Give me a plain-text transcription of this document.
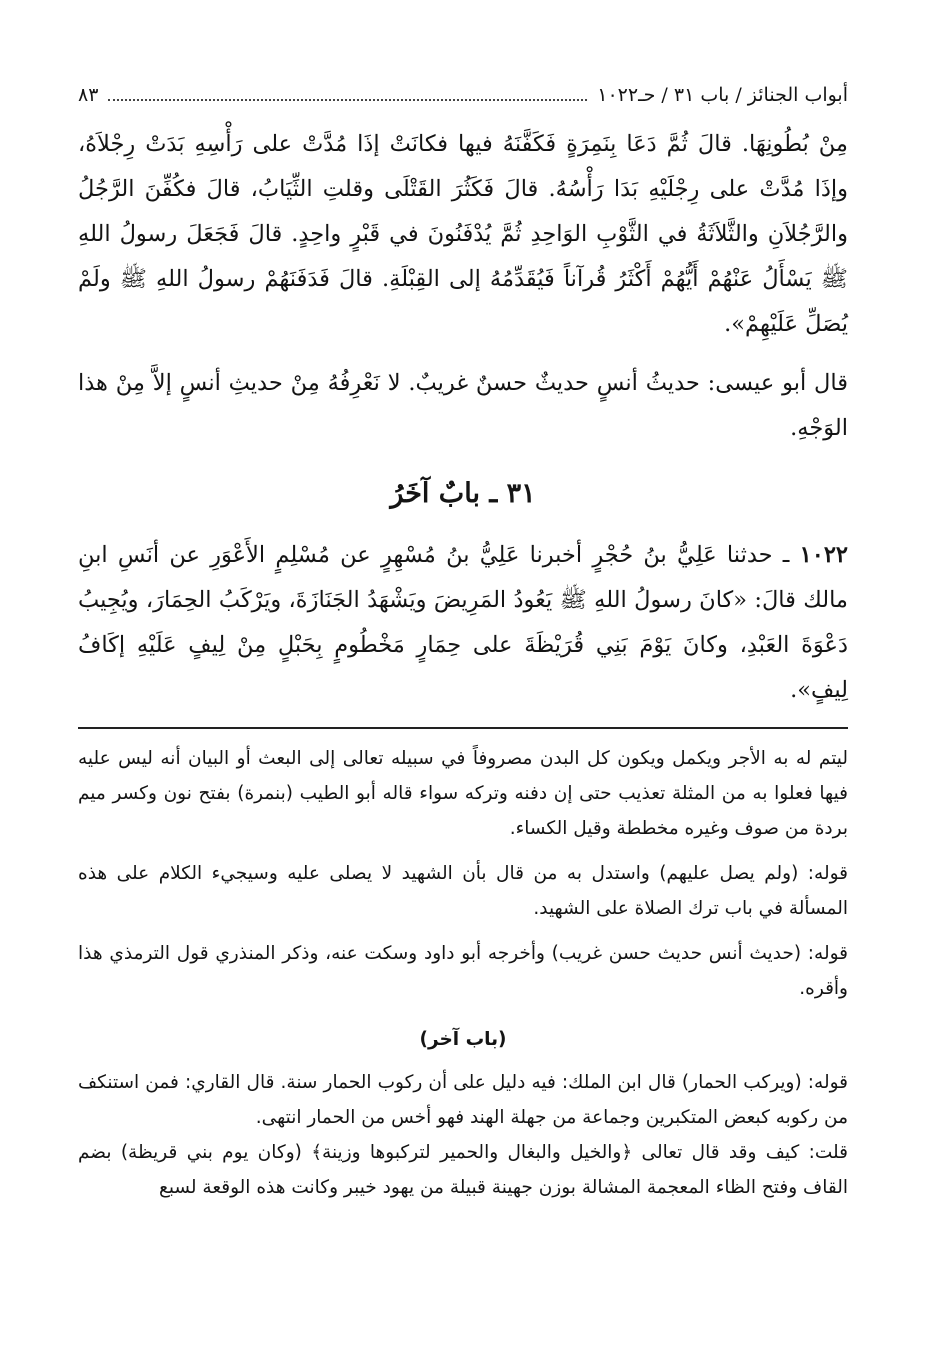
أبواب الجنائز / باب ٣١ / حـ١٠٢٢
٨٣

مِنْ بُطُونِهَا. قالَ ثُمَّ دَعَا بِنَمِرَةٍ فَكَفَّنَهُ فيها فكانَتْ إذَا مُدَّتْ على رَأْسِهِ بَدَتْ رِجْلاَهُ، وإذَا مُدَّتْ على رِجْلَيْهِ بَدَا رَأْسُهُ. قالَ فَكَثُرَ القَتْلَى وقلتِ الثِّيَابُ، قالَ فكُفِّنَ الرَّجُلُ والرَّجُلاَنِ والثَّلاَثَةُ في الثَّوْبِ الوَاحِدِ ثُمَّ يُدْفَنُونَ في قَبْرٍ واحِدٍ. قالَ فَجَعَلَ رسولُ اللهِ ﷺ يَسْأَلُ عَنْهُمْ أَيُّهُمْ أَكْثَرُ قُرآناً فَيُقَدِّمُهُ إلى القِبْلَةِ. قالَ فَدَفَنَهُمْ رسولُ اللهِ ﷺ ولَمْ يُصَلِّ عَلَيْهِمْ».

قال أبو عيسى: حديثُ أنسٍ حديثٌ حسنٌ غريبٌ. لا نَعْرِفُهُ مِنْ حديثِ أنسٍ إلاَّ مِنْ هذا الوَجْهِ.

٣١ ـ بابٌ آخَرُ

١٠٢٢ ـ حدثنا عَلِيُّ بنُ حُجْرٍ أخبرنا عَلِيُّ بنُ مُسْهِرٍ عن مُسْلِمٍ الأَعْوَرِ عن أنَسِ ابنِ مالك قالَ: «كانَ رسولُ اللهِ ﷺ يَعُودُ المَرِيضَ ويَشْهَدُ الجَنَازَةَ، ويَرْكَبُ الحِمَارَ، ويُجِيبُ دَعْوَةَ العَبْدِ، وكانَ يَوْمَ بَنِي قُرَيْظَةَ على حِمَارٍ مَخْطُومٍ بِحَبْلٍ مِنْ لِيفٍ عَلَيْهِ إكَافُ لِيفٍ».

ليتم له به الأجر ويكمل ويكون كل البدن مصروفاً في سبيله تعالى إلى البعث أو البيان أنه ليس عليه فيها فعلوا به من المثلة تعذيب حتى إن دفنه وتركه سواء قاله أبو الطيب (بنمرة) بفتح نون وكسر ميم بردة من صوف وغيره مخططة وقيل الكساء.

قوله: (ولم يصل عليهم) واستدل به من قال بأن الشهيد لا يصلى عليه وسيجيء الكلام على هذه المسألة في باب ترك الصلاة على الشهيد.

قوله: (حديث أنس حديث حسن غريب) وأخرجه أبو داود وسكت عنه، وذكر المنذري قول الترمذي هذا وأقره.

(باب آخر)

قوله: (ويركب الحمار) قال ابن الملك: فيه دليل على أن ركوب الحمار سنة. قال القاري: فمن استنكف من ركوبه كبعض المتكبرين وجماعة من جهلة الهند فهو أخس من الحمار انتهى.

قلت: كيف وقد قال تعالى ﴿والخيل والبغال والحمير لتركبوها وزينة﴾ (وكان يوم بني قريظة) بضم القاف وفتح الظاء المعجمة المشالة بوزن جهينة قبيلة من يهود خيبر وكانت هذه الوقعة لسبع
